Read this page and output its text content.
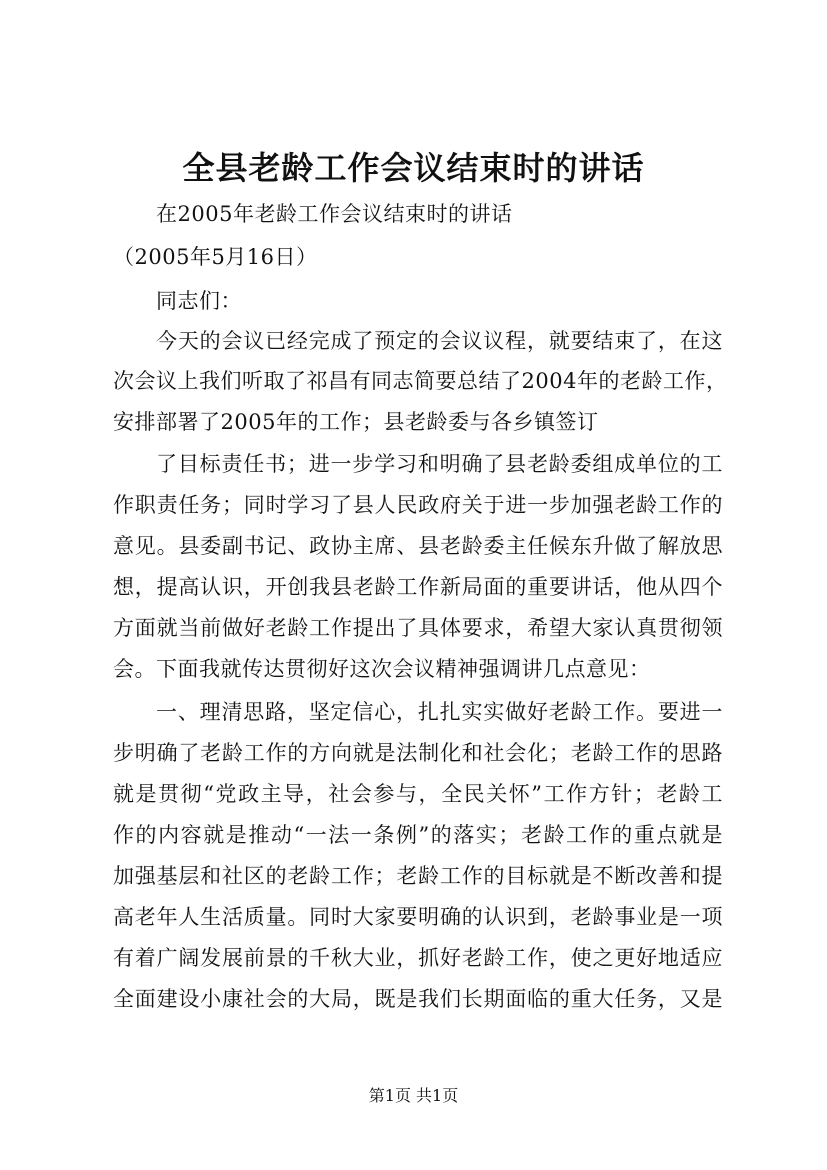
全县老龄工作会议结束时的讲话
在2005年老龄工作会议结束时的讲话
（2005年5月16日）
同志们：
今天的会议已经完成了预定的会议议程，就要结束了，在这
次会议上我们听取了祁昌有同志简要总结了2004年的老龄工作，
安排部署了2005年的工作；县老龄委与各乡镇签订
了目标责任书；进一步学习和明确了县老龄委组成单位的工
作职责任务；同时学习了县人民政府关于进一步加强老龄工作的
意见。县委副书记、政协主席、县老龄委主任候东升做了解放思
想，提高认识，开创我县老龄工作新局面的重要讲话，他从四个
方面就当前做好老龄工作提出了具体要求，希望大家认真贯彻领
会。下面我就传达贯彻好这次会议精神强调讲几点意见：
一、理清思路，坚定信心，扎扎实实做好老龄工作。要进一
步明确了老龄工作的方向就是法制化和社会化；老龄工作的思路
就是贯彻“党政主导，社会参与，全民关怀”工作方针；老龄工
作的内容就是推动“一法一条例”的落实；老龄工作的重点就是
加强基层和社区的老龄工作；老龄工作的目标就是不断改善和提
高老年人生活质量。同时大家要明确的认识到，老龄事业是一项
有着广阔发展前景的千秋大业，抓好老龄工作，使之更好地适应
全面建设小康社会的大局，既是我们长期面临的重大任务，又是
第1页 共1页
